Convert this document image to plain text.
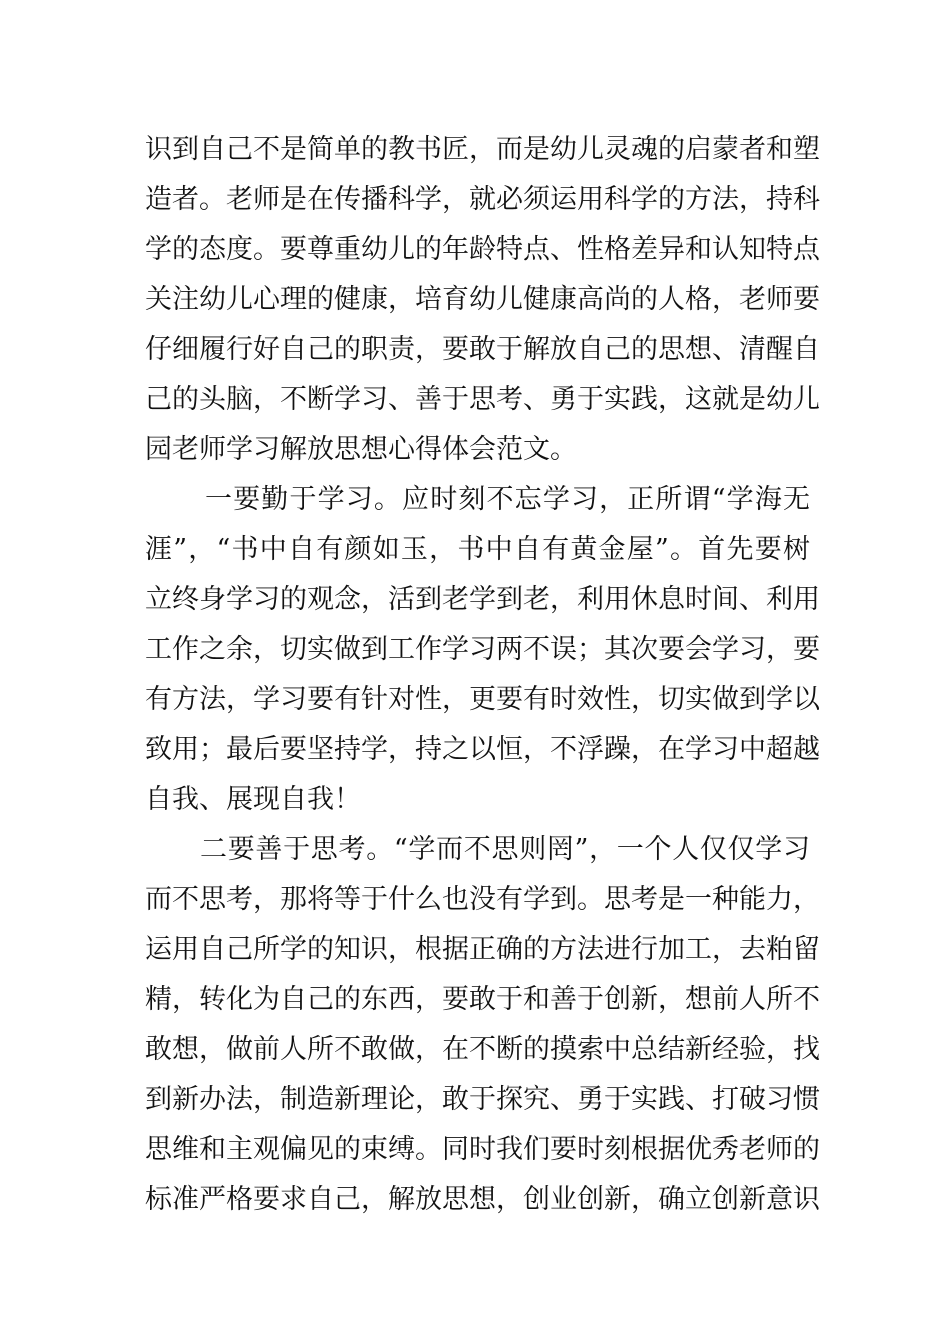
识到自己不是简单的教书匠，而是幼儿灵魂的启蒙者和塑
造者。老师是在传播科学，就必须运用科学的方法，持科
学的态度。要尊重幼儿的年龄特点、性格差异和认知特点
关注幼儿心理的健康，培育幼儿健康高尚的人格，老师要
仔细履行好自己的职责，要敢于解放自己的思想、清醒自
己的头脑，不断学习、善于思考、勇于实践，这就是幼儿
园老师学习解放思想心得体会范文。
一要勤于学习。应时刻不忘学习，正所谓“学海无
涯”，“书中自有颜如玉，书中自有黄金屋”。首先要树
立终身学习的观念，活到老学到老，利用休息时间、利用
工作之余，切实做到工作学习两不误；其次要会学习，要
有方法，学习要有针对性，更要有时效性，切实做到学以
致用；最后要坚持学，持之以恒，不浮躁，在学习中超越
自我、展现自我！
二要善于思考。“学而不思则罔”，一个人仅仅学习
而不思考，那将等于什么也没有学到。思考是一种能力，
运用自己所学的知识，根据正确的方法进行加工，去粕留
精，转化为自己的东西，要敢于和善于创新，想前人所不
敢想，做前人所不敢做，在不断的摸索中总结新经验，找
到新办法，制造新理论，敢于探究、勇于实践、打破习惯
思维和主观偏见的束缚。同时我们要时刻根据优秀老师的
标准严格要求自己，解放思想，创业创新，确立创新意识
